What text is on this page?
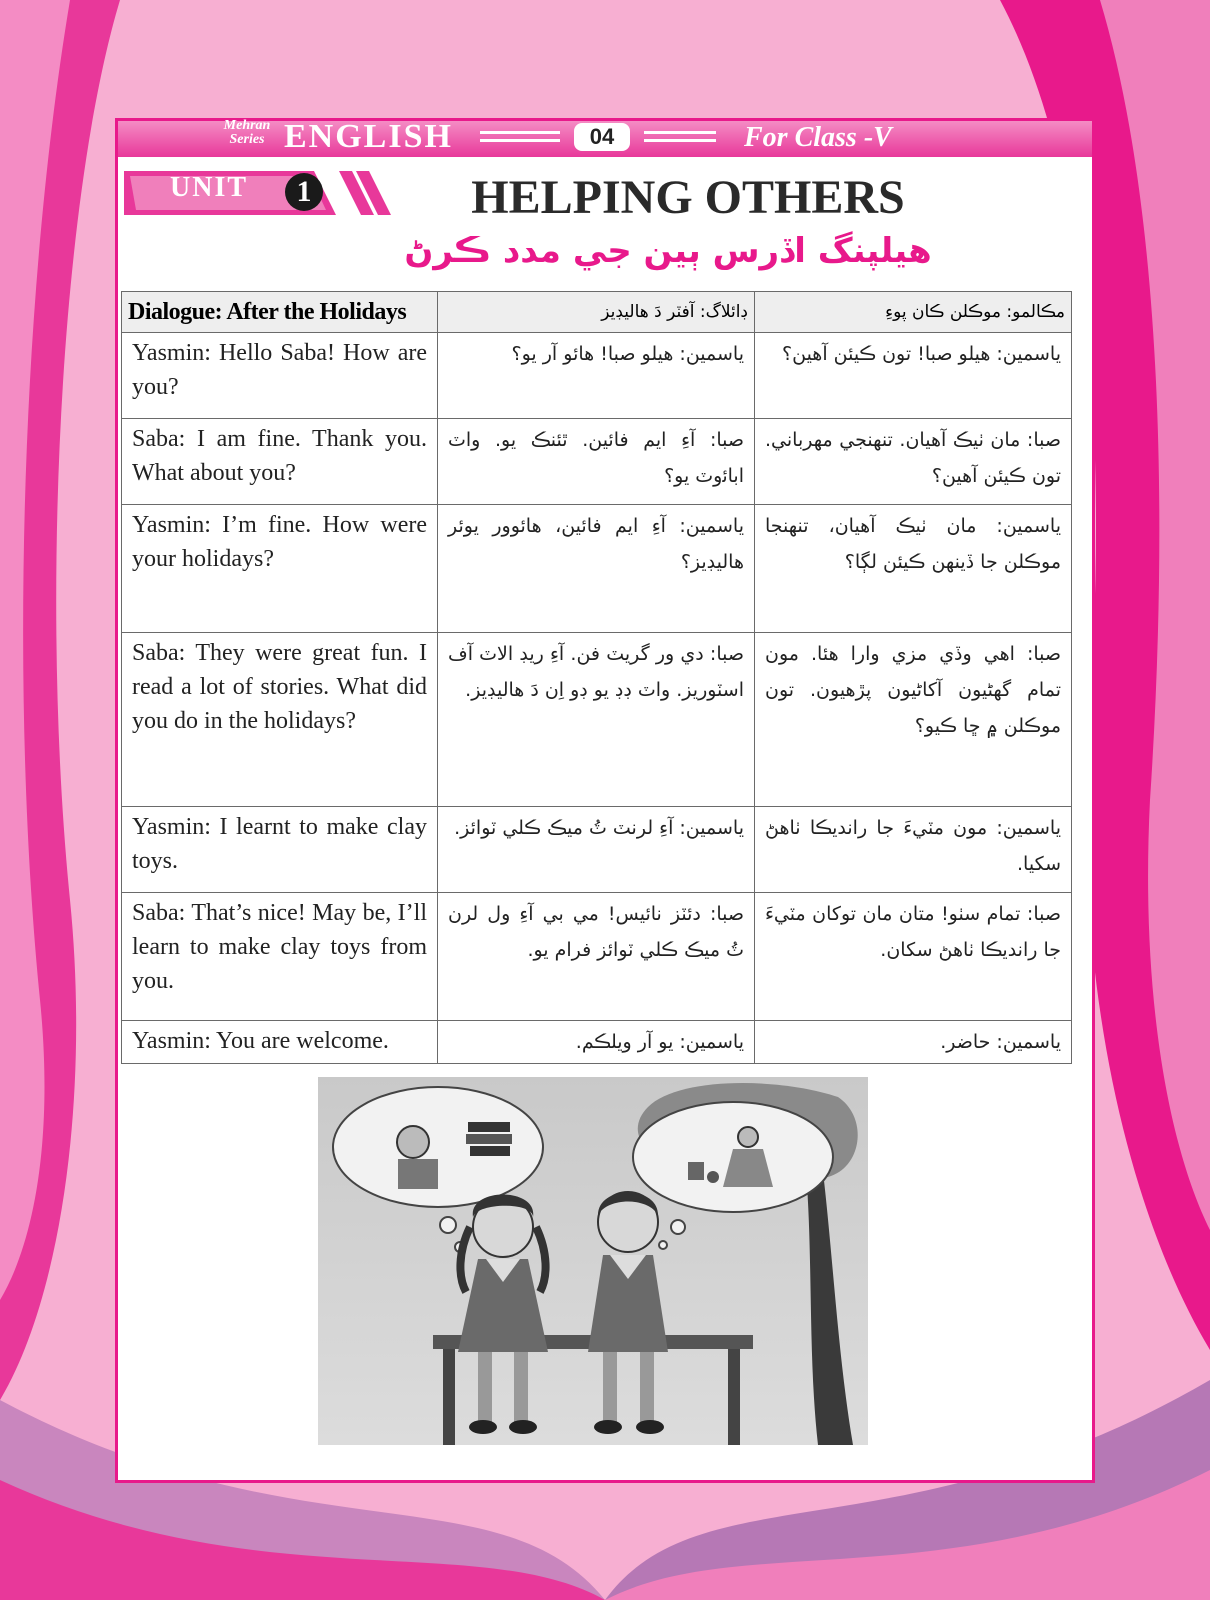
Mehran Series ENGLISH	04	For Class -V
UNIT	1	HELPING OTHERS
هيلپنگ اڏرس ٻين جي مدد ڪرڻ
Dialogue: After the Holidays	ڊائلاگ: آفٽر دَ هاليڊيز	مڪالمو: موڪلن ڪان پوءِ
Yasmin: Hello Saba! How are you?	ياسمين: هيلو صبا! هائو آر يو؟	ياسمين: هيلو صبا! تون ڪيئن آهين؟
Saba: I am fine. Thank you. What about you?	صبا: آءِ ايم فائين. ٿئنڪ يو. واٽ اباﺋوٽ يو؟	صبا: مان ٺيڪ آهيان. تنهنجي مهرباني. تون ڪيئن آهين؟
Yasmin: I’m fine. How were your holidays?	ياسمين: آءِ ايم فائين، هائوور يوئر هاليڊيز؟	ياسمين: مان ٺيڪ آهيان، تنهنجا موڪلن جا ڏينهن ڪيئن لڳا؟
Saba: They were great fun. I read a lot of stories. What did you do in the holidays?	صبا: دي ور گريٽ فن. آءِ ريڊ الاٽ آف اسٽوريز. واٽ ڊڊ يو ڊو اِن دَ هاليڊيز.	صبا: اهي وڏي مزي وارا هئا. مون تمام گهڻيون آکاڻيون پڙهيون. تون موڪلن ۾ ڇا ڪيو؟
Yasmin: I learnt to make clay toys.	ياسمين: آءِ لرنٽ ٽُ ميڪ ڪلي ٽوائز.	ياسمين: مون مٽيءَ جا رانديڪا ٺاهڻ سکيا.
Saba: That’s nice! May be, I’ll learn to make clay toys from you.	صبا: دئٽز نائيس! مي بي آءِ ول لرن ٽُ ميڪ ڪلي ٽوائز فرام يو.	صبا: تمام سٺو! متان مان توکان مٽيءَ جا رانديڪا ٺاهڻ سکان.
Yasmin: You are welcome.	ياسمين: يو آر ويلڪم.	ياسمين: حاضر.
